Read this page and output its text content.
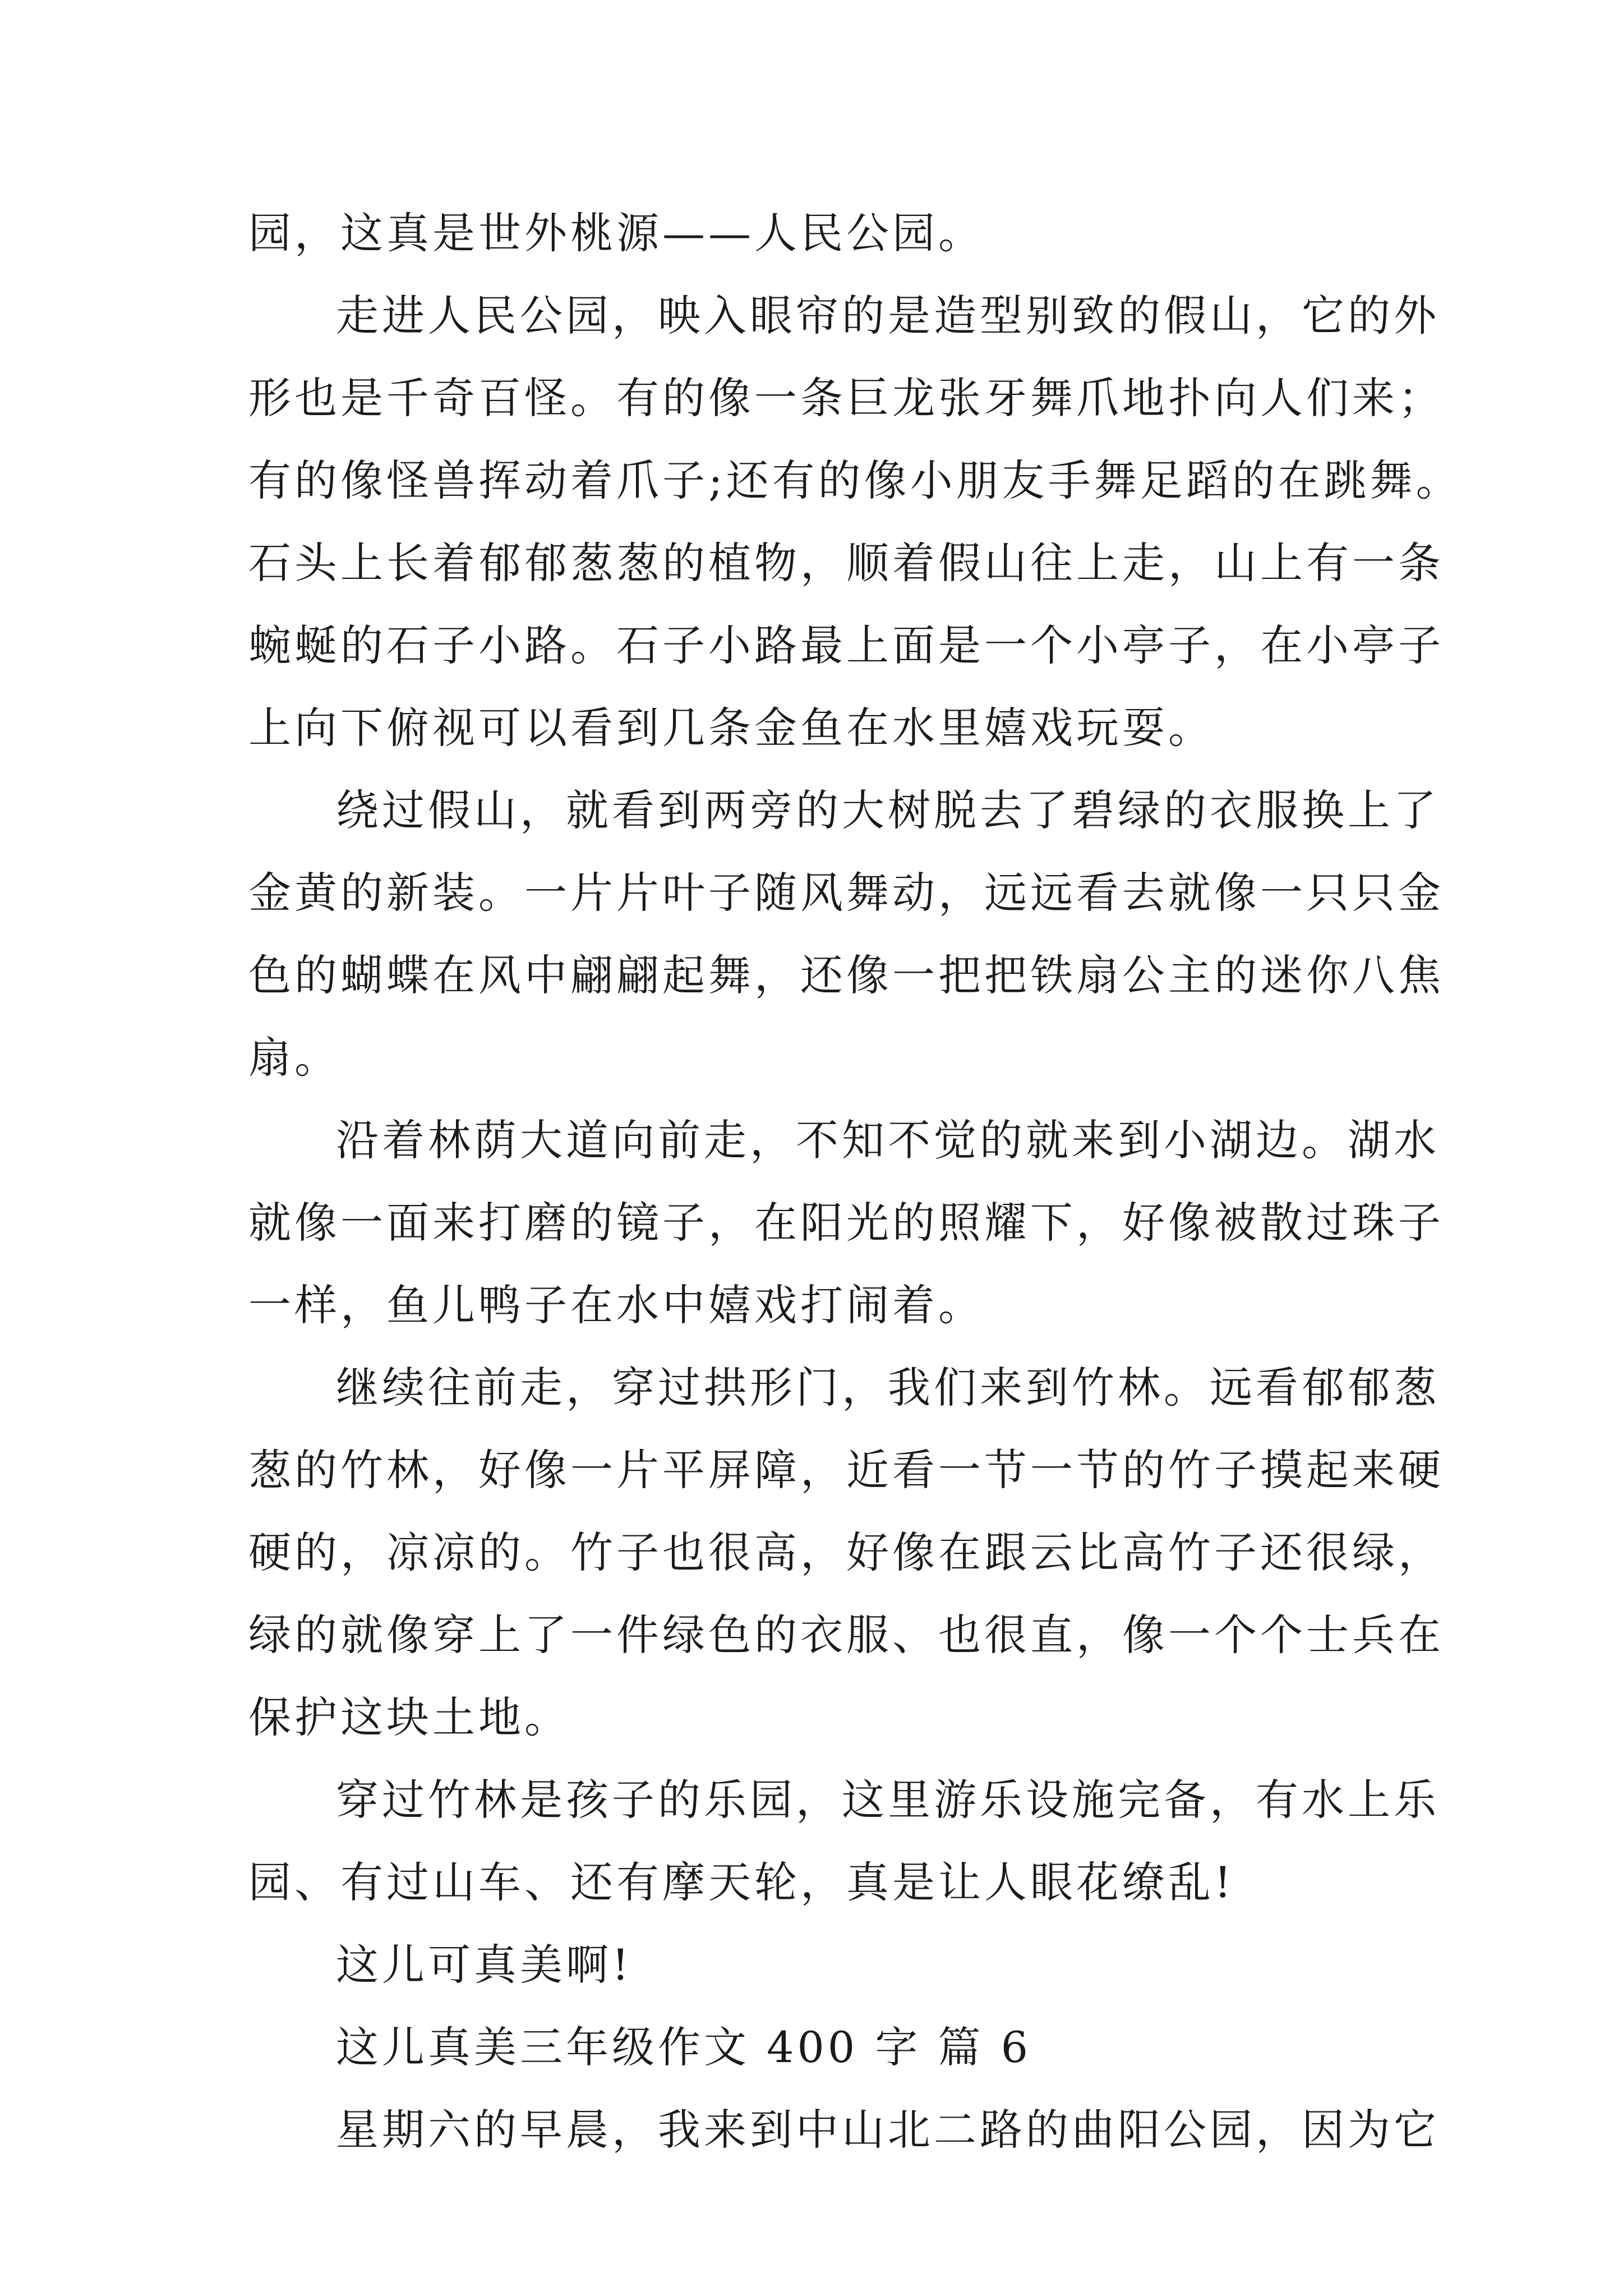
园，这真是世外桃源——人民公园。
走进人民公园，映入眼帘的是造型别致的假山，它的外
形也是千奇百怪。有的像一条巨龙张牙舞爪地扑向人们来；
有的像怪兽挥动着爪子;还有的像小朋友手舞足蹈的在跳舞。
石头上长着郁郁葱葱的植物，顺着假山往上走，山上有一条
蜿蜒的石子小路。石子小路最上面是一个小亭子，在小亭子
上向下俯视可以看到几条金鱼在水里嬉戏玩耍。
绕过假山，就看到两旁的大树脱去了碧绿的衣服换上了
金黄的新装。一片片叶子随风舞动，远远看去就像一只只金
色的蝴蝶在风中翩翩起舞，还像一把把铁扇公主的迷你八焦
扇。
沿着林荫大道向前走，不知不觉的就来到小湖边。湖水
就像一面来打磨的镜子，在阳光的照耀下，好像被散过珠子
一样，鱼儿鸭子在水中嬉戏打闹着。
继续往前走，穿过拱形门，我们来到竹林。远看郁郁葱
葱的竹林，好像一片平屏障，近看一节一节的竹子摸起来硬
硬的，凉凉的。竹子也很高，好像在跟云比高竹子还很绿，
绿的就像穿上了一件绿色的衣服、也很直，像一个个士兵在
保护这块土地。
穿过竹林是孩子的乐园，这里游乐设施完备，有水上乐
园、有过山车、还有摩天轮，真是让人眼花缭乱!
这儿可真美啊!
这儿真美三年级作文 400 字 篇 6
星期六的早晨，我来到中山北二路的曲阳公园，因为它
